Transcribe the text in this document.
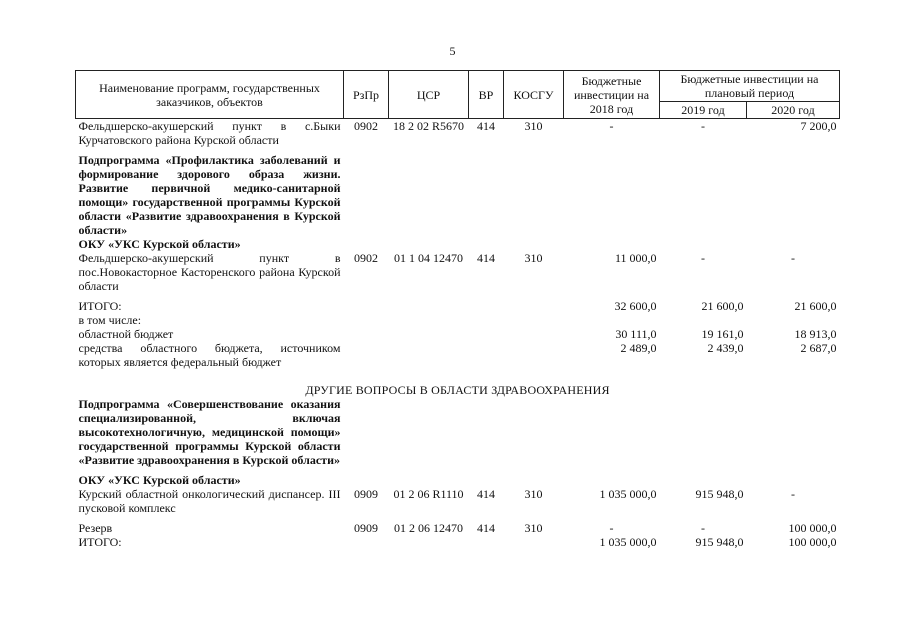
5
Наименование программ, государственных заказчиков, объектов	РзПр	ЦСР	ВР	КОСГУ	Бюджетные инвестиции на 2018 год	Бюджетные инвестиции на плановый период	
						2019 год	2020 год
Фельдшерско-акушерский пункт в с.Быки Курчатовского района Курской области	0902	18 2 02 R5670	414	310	-	-	7 200,0

Подпрограмма «Профилактика заболеваний и формирование здорового образа жизни. Развитие первичной медико-санитарной помощи» государственной программы Курской области «Развитие здравоохранения в Курской области»							
ОКУ «УКС Курской области»							
Фельдшерско-акушерский пункт в пос.Новокасторное Касторенского района Курской области	0902	01 1 04 12470	414	310	11 000,0	-	-

ИТОГО:					32 600,0	21 600,0	21 600,0
в том числе:							
областной бюджет					30 111,0	19 161,0	18 913,0
средства областного бюджета, источником которых является федеральный бюджет					2 489,0	2 439,0	2 687,0

ДРУГИЕ ВОПРОСЫ В ОБЛАСТИ ЗДРАВООХРАНЕНИЯ							
Подпрограмма «Совершенствование оказания специализированной, включая высокотехнологичную, медицинской помощи» государственной программы Курской области «Развитие здравоохранения в Курской области»							

ОКУ «УКС Курской области»							
Курский областной онкологический диспансер. III пусковой комплекс	0909	01 2 06 R1110	414	310	1 035 000,0	915 948,0	-

Резерв	0909	01 2 06 12470	414	310	-	-	100 000,0
ИТОГО:					1 035 000,0	915 948,0	100 000,0
